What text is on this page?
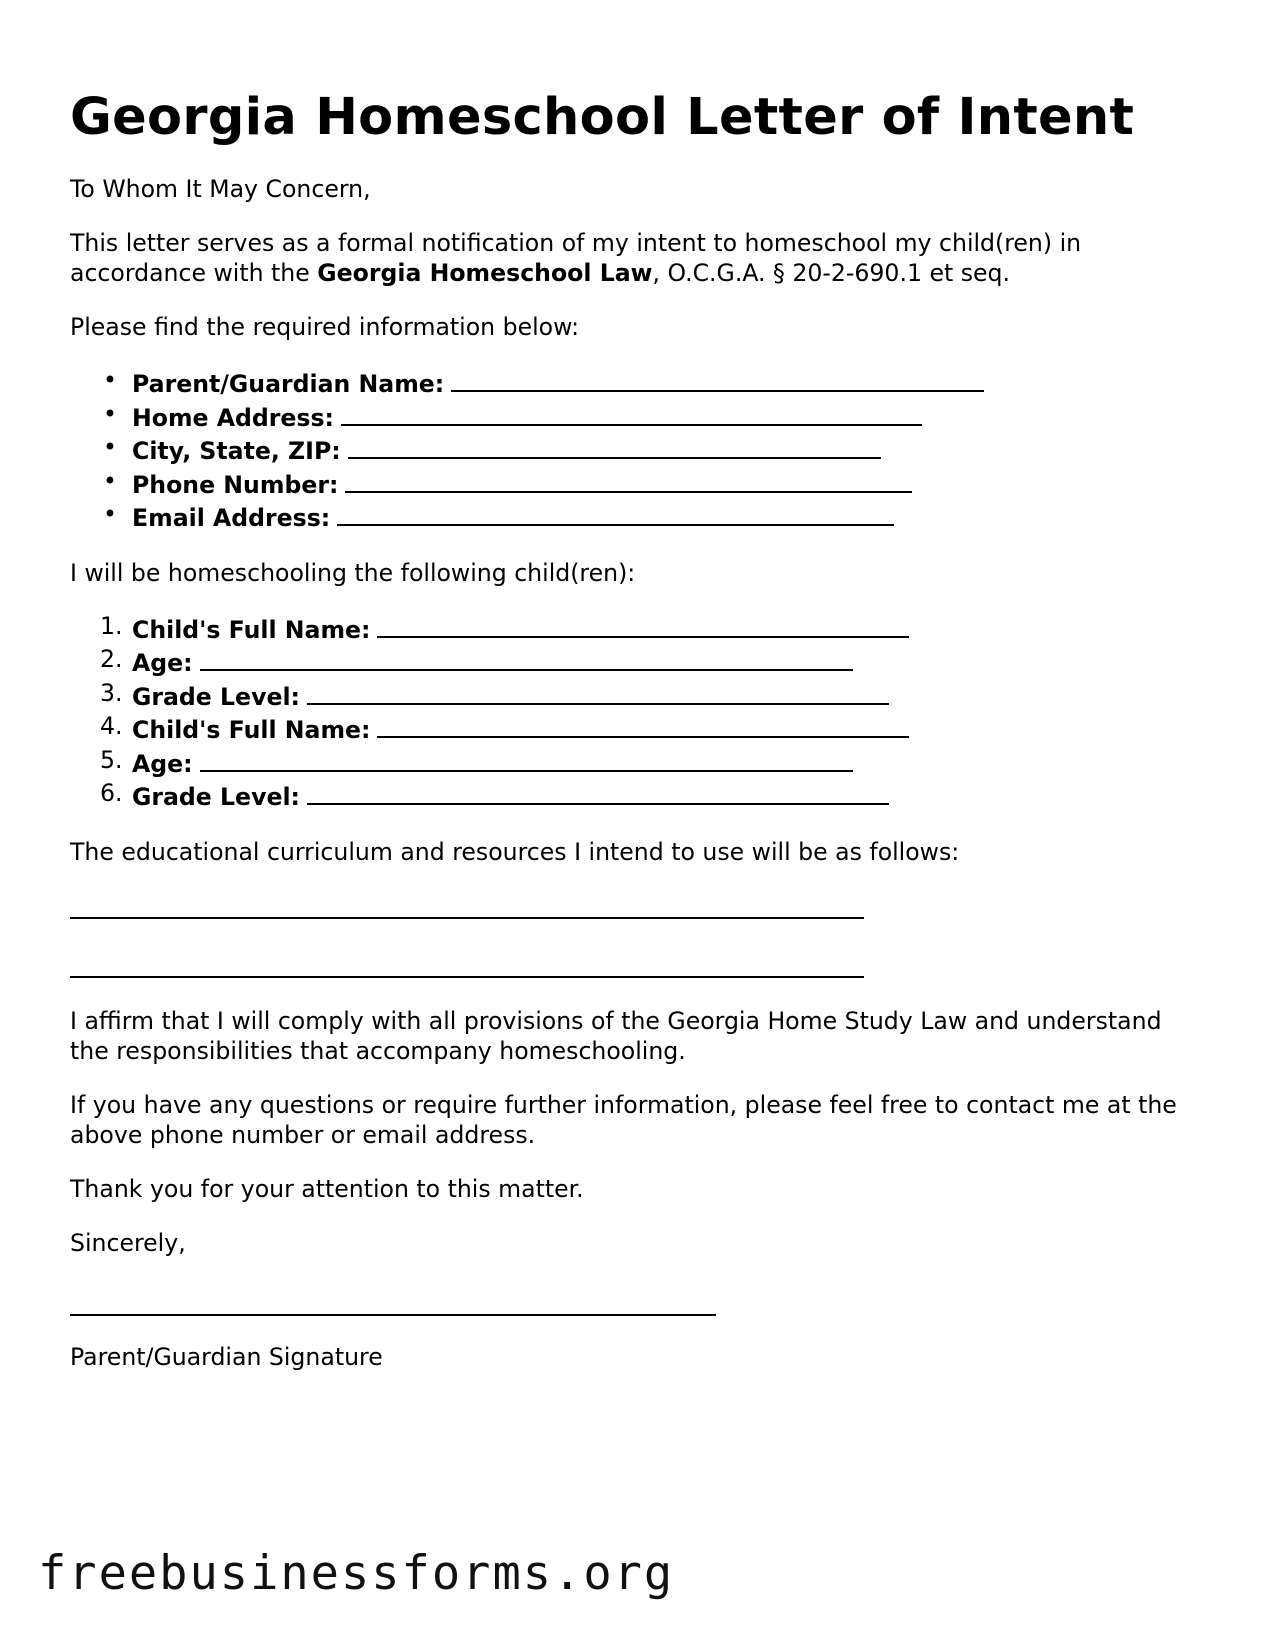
Georgia Homeschool Letter of Intent

To Whom It May Concern,

This letter serves as a formal notification of my intent to homeschool my child(ren) in accordance with the Georgia Homeschool Law, O.C.G.A. § 20-2-690.1 et seq.

Please find the required information below:

• Parent/Guardian Name:
• Home Address:
• City, State, ZIP:
• Phone Number:
• Email Address:

I will be homeschooling the following child(ren):

1. Child's Full Name:
2. Age:
3. Grade Level:
4. Child's Full Name:
5. Age:
6. Grade Level:

The educational curriculum and resources I intend to use will be as follows:

I affirm that I will comply with all provisions of the Georgia Home Study Law and understand the responsibilities that accompany homeschooling.

If you have any questions or require further information, please feel free to contact me at the above phone number or email address.

Thank you for your attention to this matter.

Sincerely,

Parent/Guardian Signature

freebusinessforms.org
